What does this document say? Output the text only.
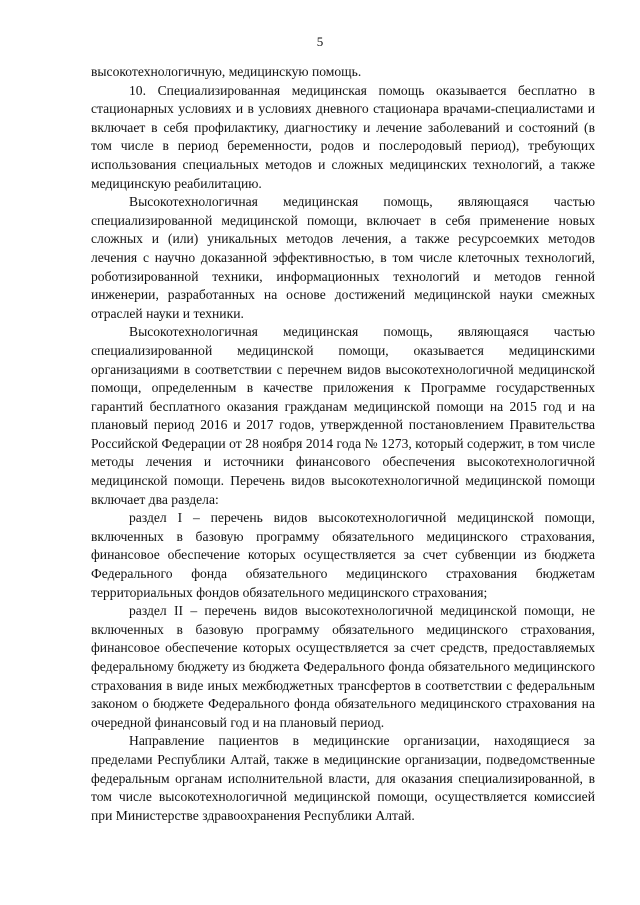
5

высокотехнологичную, медицинскую помощь.

10. Специализированная медицинская помощь оказывается бесплатно в стационарных условиях и в условиях дневного стационара врачами-специалистами и включает в себя профилактику, диагностику и лечение заболеваний и состояний (в том числе в период беременности, родов и послеродовый период), требующих использования специальных методов и сложных медицинских технологий, а также медицинскую реабилитацию.

Высокотехнологичная медицинская помощь, являющаяся частью специализированной медицинской помощи, включает в себя применение новых сложных и (или) уникальных методов лечения, а также ресурсоемких методов лечения с научно доказанной эффективностью, в том числе клеточных технологий, роботизированной техники, информационных технологий и методов генной инженерии, разработанных на основе достижений медицинской науки смежных отраслей науки и техники.

Высокотехнологичная медицинская помощь, являющаяся частью специализированной медицинской помощи, оказывается медицинскими организациями в соответствии с перечнем видов высокотехнологичной медицинской помощи, определенным в качестве приложения к Программе государственных гарантий бесплатного оказания гражданам медицинской помощи на 2015 год и на плановый период 2016 и 2017 годов, утвержденной постановлением Правительства Российской Федерации от 28 ноября 2014 года № 1273, который содержит, в том числе методы лечения и источники финансового обеспечения высокотехнологичной медицинской помощи. Перечень видов высокотехнологичной медицинской помощи включает два раздела:

раздел I – перечень видов высокотехнологичной медицинской помощи, включенных в базовую программу обязательного медицинского страхования, финансовое обеспечение которых осуществляется за счет субвенции из бюджета Федерального фонда обязательного медицинского страхования бюджетам территориальных фондов обязательного медицинского страхования;

раздел II – перечень видов высокотехнологичной медицинской помощи, не включенных в базовую программу обязательного медицинского страхования, финансовое обеспечение которых осуществляется за счет средств, предоставляемых федеральному бюджету из бюджета Федерального фонда обязательного медицинского страхования в виде иных межбюджетных трансфертов в соответствии с федеральным законом о бюджете Федерального фонда обязательного медицинского страхования на очередной финансовый год и на плановый период.

Направление пациентов в медицинские организации, находящиеся за пределами Республики Алтай, также в медицинские организации, подведомственные федеральным органам исполнительной власти, для оказания специализированной, в том числе высокотехнологичной медицинской помощи, осуществляется комиссией при Министерстве здравоохранения Республики Алтай.
